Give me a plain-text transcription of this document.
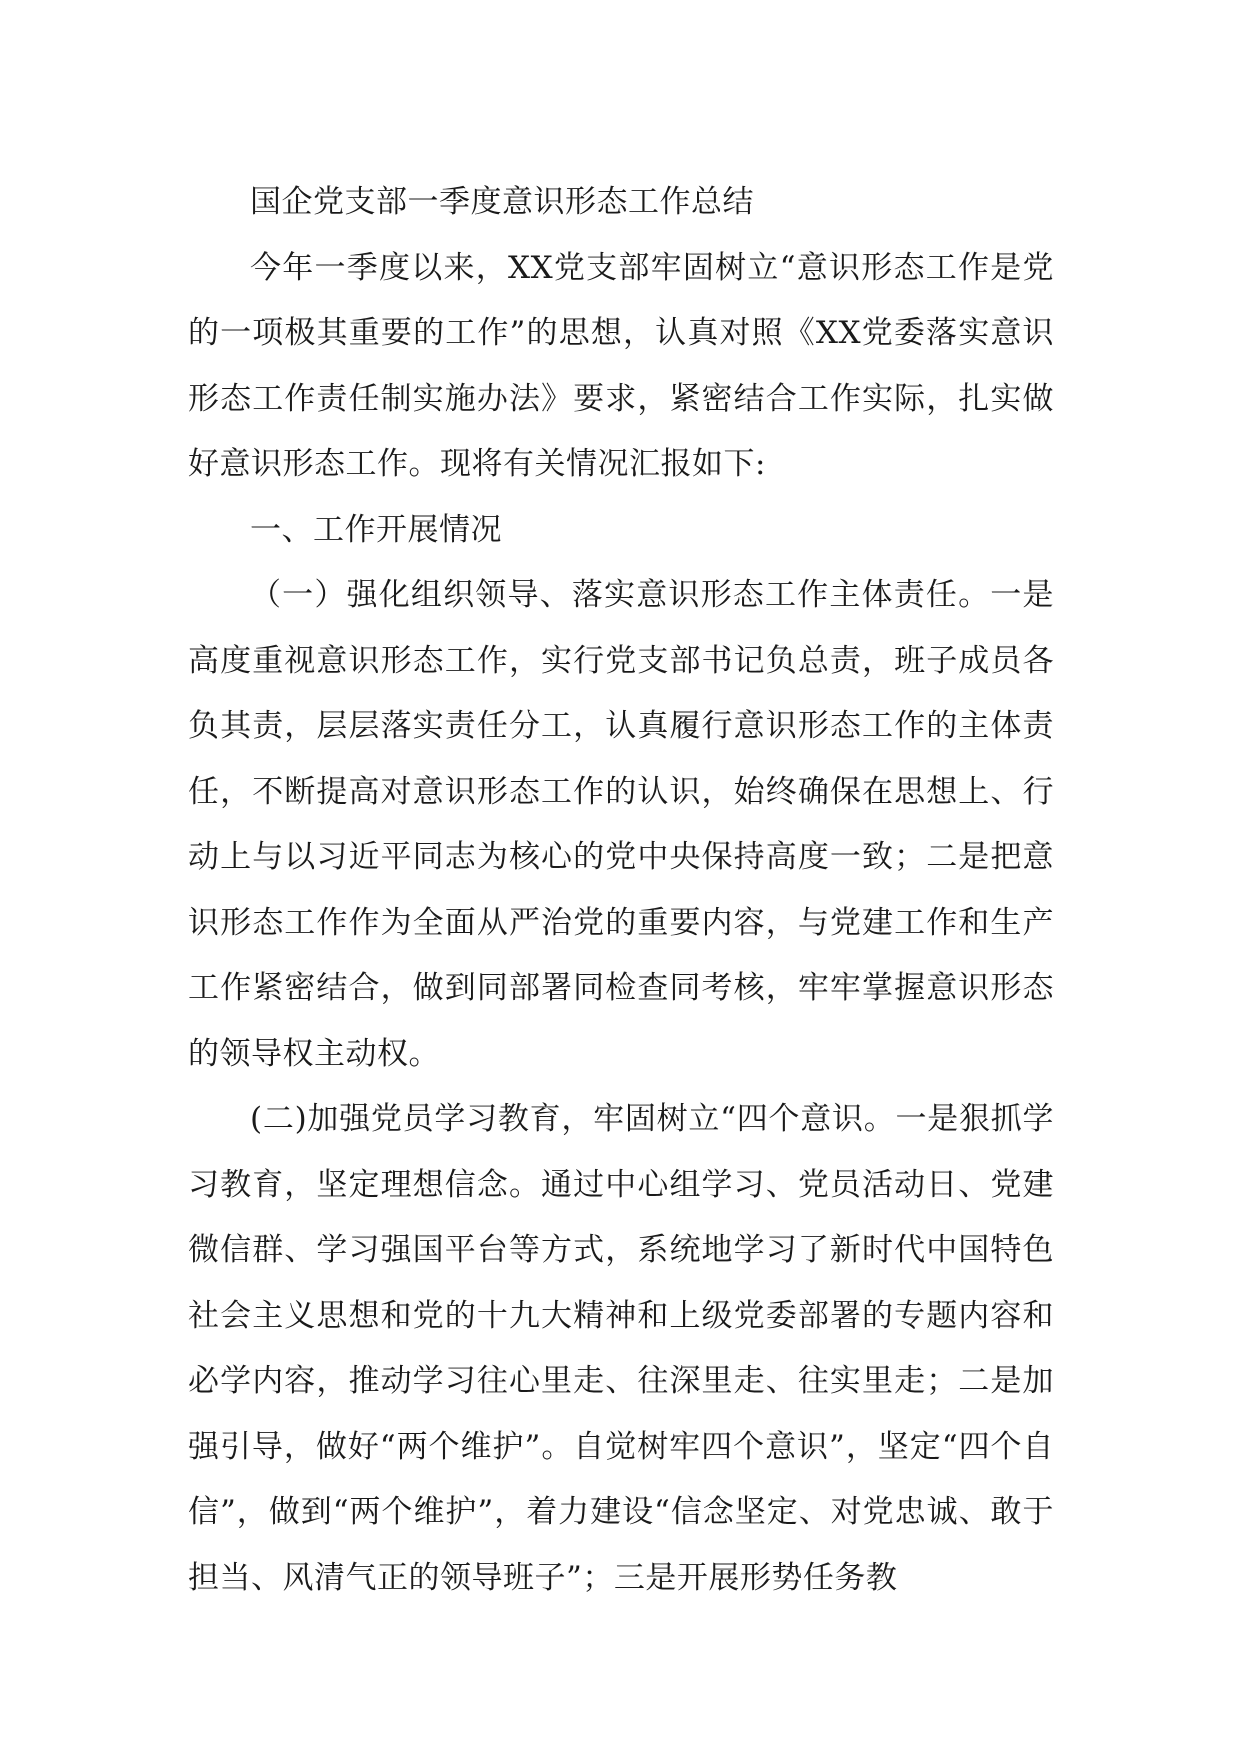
国企党支部一季度意识形态工作总结

今年一季度以来，XX党支部牢固树立“意识形态工作是党的一项极其重要的工作”的思想，认真对照《XX党委落实意识形态工作责任制实施办法》要求，紧密结合工作实际，扎实做好意识形态工作。现将有关情况汇报如下:

一、工作开展情况

（一）强化组织领导、落实意识形态工作主体责任。一是高度重视意识形态工作，实行党支部书记负总责，班子成员各负其责，层层落实责任分工，认真履行意识形态工作的主体责任，不断提高对意识形态工作的认识，始终确保在思想上、行动上与以习近平同志为核心的党中央保持高度一致；二是把意识形态工作作为全面从严治党的重要内容，与党建工作和生产工作紧密结合，做到同部署同检查同考核，牢牢掌握意识形态的领导权主动权。

(二)加强党员学习教育，牢固树立“四个意识。一是狠抓学习教育，坚定理想信念。通过中心组学习、党员活动日、党建微信群、学习强国平台等方式，系统地学习了新时代中国特色社会主义思想和党的十九大精神和上级党委部署的专题内容和必学内容，推动学习往心里走、往深里走、往实里走；二是加强引导，做好“两个维护”。自觉树牢四个意识”，坚定“四个自信”，做到“两个维护”，着力建设“信念坚定、对党忠诚、敢于担当、风清气正的领导班子”；三是开展形势任务教
